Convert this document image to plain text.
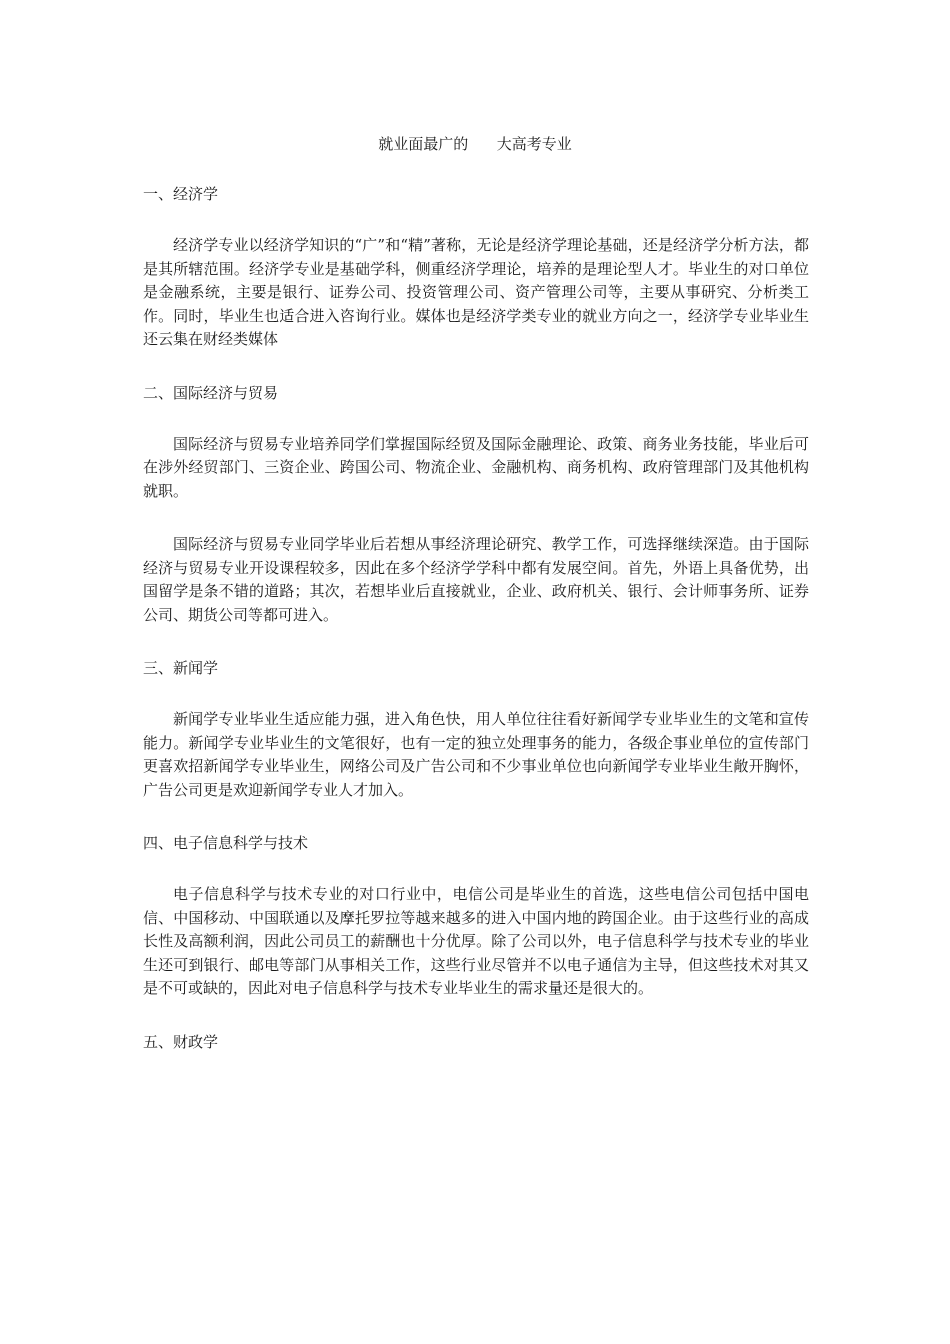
就业面最广的      大高考专业

一、经济学

经济学专业以经济学知识的“广”和“精”著称，无论是经济学理论基础，还是经济学分析方法，都是其所辖范围。经济学专业是基础学科，侧重经济学理论，培养的是理论型人才。毕业生的对口单位是金融系统，主要是银行、证券公司、投资管理公司、资产管理公司等，主要从事研究、分析类工作。同时，毕业生也适合进入咨询行业。媒体也是经济学类专业的就业方向之一，经济学专业毕业生还云集在财经类媒体

二、国际经济与贸易

国际经济与贸易专业培养同学们掌握国际经贸及国际金融理论、政策、商务业务技能，毕业后可在涉外经贸部门、三资企业、跨国公司、物流企业、金融机构、商务机构、政府管理部门及其他机构就职。

国际经济与贸易专业同学毕业后若想从事经济理论研究、教学工作，可选择继续深造。由于国际经济与贸易专业开设课程较多，因此在多个经济学学科中都有发展空间。首先，外语上具备优势，出国留学是条不错的道路；其次，若想毕业后直接就业，企业、政府机关、银行、会计师事务所、证券公司、期货公司等都可进入。

三、新闻学

新闻学专业毕业生适应能力强，进入角色快，用人单位往往看好新闻学专业毕业生的文笔和宣传能力。新闻学专业毕业生的文笔很好，也有一定的独立处理事务的能力，各级企事业单位的宣传部门更喜欢招新闻学专业毕业生，网络公司及广告公司和不少事业单位也向新闻学专业毕业生敞开胸怀，广告公司更是欢迎新闻学专业人才加入。

四、电子信息科学与技术

电子信息科学与技术专业的对口行业中，电信公司是毕业生的首选，这些电信公司包括中国电信、中国移动、中国联通以及摩托罗拉等越来越多的进入中国内地的跨国企业。由于这些行业的高成长性及高额利润，因此公司员工的薪酬也十分优厚。除了公司以外，电子信息科学与技术专业的毕业生还可到银行、邮电等部门从事相关工作，这些行业尽管并不以电子通信为主导，但这些技术对其又是不可或缺的，因此对电子信息科学与技术专业毕业生的需求量还是很大的。

五、财政学
